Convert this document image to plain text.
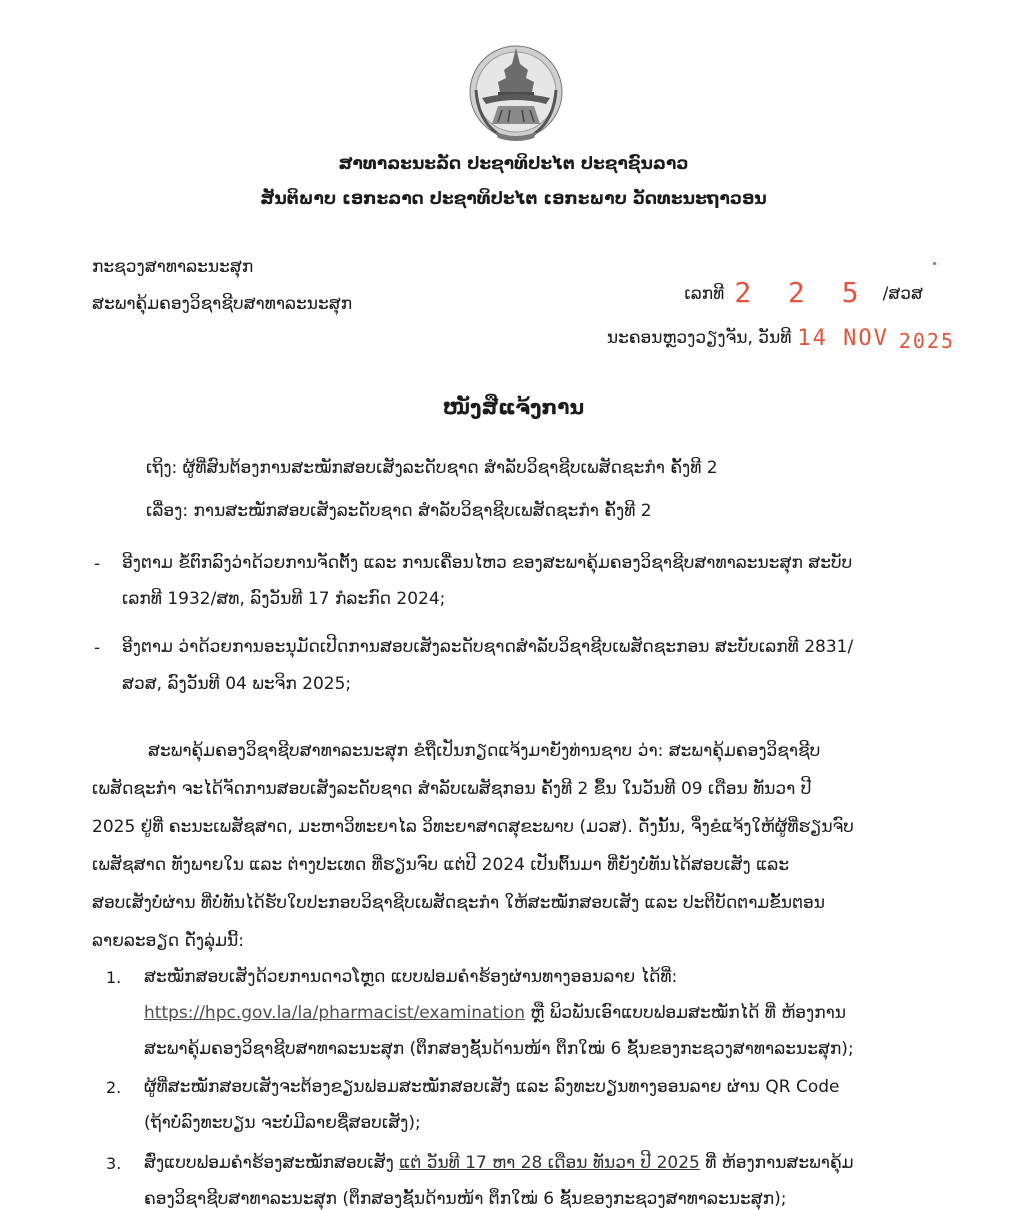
ສາທາລະນະລັດ ປະຊາທິປະໄຕ ປະຊາຊົນລາວ
ສັນຕິພາບ ເອກະລາດ ປະຊາທິປະໄຕ ເອກະພາບ ວັດທະນະຖາວອນ
ກະຊວງສາທາລະນະສຸກ
ສະພາຄຸ້ມຄອງວິຊາຊີບສາທາລະນະສຸກ	ເລກທີ 2 2 5 /ສວສ
ນະຄອນຫຼວງວຽງຈັນ, ວັນທີ 14 NOV 2025
ໜັງສືແຈ້ງການ
ເຖິງ: ຜູ້ທີ່ສົນຕ້ອງການສະໝັກສອບເສັງລະດັບຊາດ ສຳລັບວິຊາຊີບເພສັດຊະກຳ ຄັ້ງທີ 2
ເລື່ອງ: ການສະໝັກສອບເສັງລະດັບຊາດ ສຳລັບວິຊາຊີບເພສັດຊະກຳ ຄັ້ງທີ 2
- ອີງຕາມ ຂໍ້ຕົກລົງວ່າດ້ວຍການຈັດຕັ້ງ ແລະ ການເຄື່ອນໄຫວ ຂອງສະພາຄຸ້ມຄອງວິຊາຊີບສາທາລະນະສຸກ ສະບັບ
ເລກທີ 1932/ສທ, ລົງວັນທີ 17 ກໍລະກົດ 2024;
- ອີງຕາມ ວ່າດ້ວຍການອະນຸມັດເປີດການສອບເສັງລະດັບຊາດສຳລັບວິຊາຊີບເພສັດຊະກອນ ສະບັບເລກທີ 2831/
ສວສ, ລົງວັນທີ 04 ພະຈິກ 2025;
ສະພາຄຸ້ມຄອງວິຊາຊີບສາທາລະນະສຸກ ຂໍຖືເປັນກຽດແຈ້ງມາຍັງທ່ານຊາບ ວ່າ: ສະພາຄຸ້ມຄອງວິຊາຊີບ
ເພສັດຊະກຳ ຈະໄດ້ຈັດການສອບເສັງລະດັບຊາດ ສຳລັບເພສັຊກອນ ຄັ້ງທີ 2 ຂຶ້ນ ໃນວັນທີ 09 ເດືອນ ທັນວາ ປີ
2025 ຢູ່ທີ່ ຄະນະເພສັຊສາດ, ມະຫາວິທະຍາໄລ ວິທະຍາສາດສຸຂະພາບ (ມວສ). ດັ່ງນັ້ນ, ຈຶ່ງຂໍແຈ້ງໃຫ້ຜູ້ທີ່ຮຽນຈົບ
ເພສັຊສາດ ທັງພາຍໃນ ແລະ ຕ່າງປະເທດ ທີ່ຮຽນຈົບ ແຕ່ປີ 2024 ເປັນຕົ້ນມາ ທີ່ຍັງບໍ່ທັນໄດ້ສອບເສັງ ແລະ
ສອບເສັງບໍ່ຜ່ານ ທີ່ບໍ່ທັນໄດ້ຮັບໃບປະກອບວິຊາຊີບເພສັດຊະກຳ ໃຫ້ສະໝັກສອບເສັງ ແລະ ປະຕິບັດຕາມຂັ້ນຕອນ
ລາຍລະອຽດ ດັ່ງລຸ່ມນີ້:
1. ສະໝັກສອບເສັງດ້ວຍການດາວໂຫຼດ ແບບຟອມຄຳຮ້ອງຜ່ານທາງອອນລາຍ ໄດ້ທີ່:
https://hpc.gov.la/la/pharmacist/examination ຫຼື ພິວພັນເອົາແບບຟອມສະໝັກໄດ້ ທີ່ ຫ້ອງການ
ສະພາຄຸ້ມຄອງວິຊາຊີບສາທາລະນະສຸກ (ຕຶກສອງຊັ້ນດ້ານໜ້າ ຕຶກໃໝ່ 6 ຊັ້ນຂອງກະຊວງສາທາລະນະສຸກ);
2. ຜູ້ທີ່ສະໝັກສອບເສັງຈະຕ້ອງຂຽນຟອມສະໝັກສອບເສັງ ແລະ ລົງທະບຽນທາງອອນລາຍ ຜ່ານ QR Code
(ຖ້າບໍ່ລົງທະບຽນ ຈະບໍ່ມີລາຍຊື່ສອບເສັງ);
3. ສົ່ງແບບຟອມຄຳຮ້ອງສະໝັກສອບເສັງ ແຕ່ ວັນທີ 17 ຫາ 28 ເດືອນ ທັນວາ ປີ 2025 ທີ່ ຫ້ອງການສະພາຄຸ້ມ
ຄອງວິຊາຊີບສາທາລະນະສຸກ (ຕຶກສອງຊັ້ນດ້ານໜ້າ ຕຶກໃໝ່ 6 ຊັ້ນຂອງກະຊວງສາທາລະນະສຸກ);
